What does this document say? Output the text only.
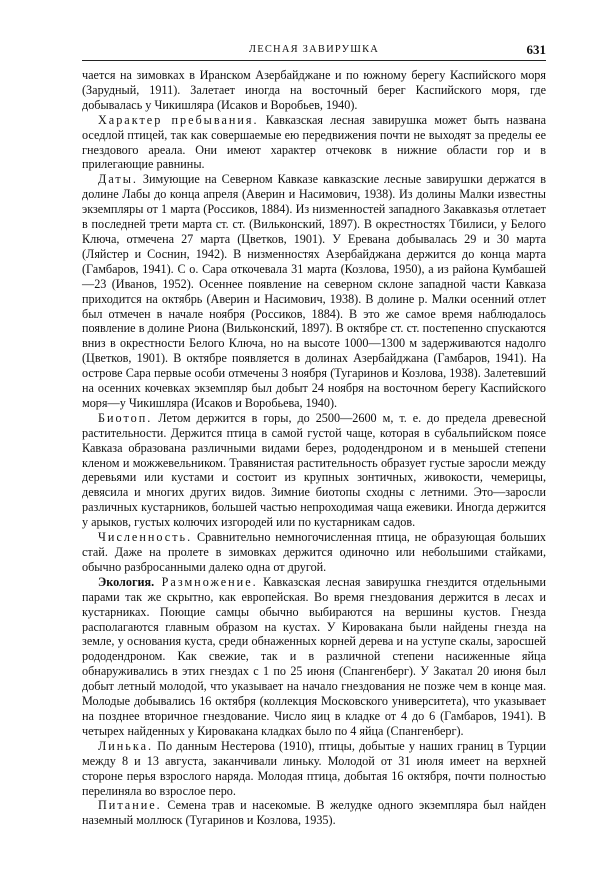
ЛЕСНАЯ ЗАВИРУШКА	631

чается на зимовках в Иранском Азербайджане и по южному берегу Каспийского моря (Зарудный, 1911). Залетает иногда на восточный берег Каспийского моря, где добывалась у Чикишляра (Исаков и Воробьев, 1940).

Характер пребывания. Кавказская лесная завирушка может быть названа оседлой птицей, так как совершаемые ею передвижения почти не выходят за пределы ее гнездового ареала. Они имеют характер отчековк в нижние области гор и в прилегающие равнины.

Даты. Зимующие на Северном Кавказе кавказские лесные завирушки держатся в долине Лабы до конца апреля (Аверин и Насимович, 1938). Из долины Малки известны экземпляры от 1 марта (Россиков, 1884). Из низменностей западного Закавказья отлетает в последней трети марта ст. ст. (Вильконский, 1897). В окрестностях Тбилиси, у Белого Ключа, отмечена 27 марта (Цветков, 1901). У Еревана добывалась 29 и 30 марта (Ляйстер и Соснин, 1942). В низменностях Азербайджана держится до конца марта (Гамбаров, 1941). С о. Сара откочевала 31 марта (Козлова, 1950), а из района Кумбашей—23 (Иванов, 1952). Осеннее появление на северном склоне западной части Кавказа приходится на октябрь (Аверин и Насимович, 1938). В долине р. Малки осенний отлет был отмечен в начале ноября (Россиков, 1884). В это же самое время наблюдалось появление в долине Риона (Вильконский, 1897). В октябре ст. ст. постепенно спускаются вниз в окрестности Белого Ключа, но на высоте 1000—1300 м задерживаются надолго (Цветков, 1901). В октябре появляется в долинах Азербайджана (Гамбаров, 1941). На острове Сара первые особи отмечены 3 ноября (Тугаринов и Козлова, 1938). Залетевший на осенних кочевках экземпляр был добыт 24 ноября на восточном берегу Каспийского моря—у Чикишляра (Исаков и Воробьева, 1940).

Биотоп. Летом держится в горы, до 2500—2600 м, т. е. до предела древесной растительности. Держится птица в самой густой чаще, которая в субальпийском поясе Кавказа образована различными видами берез, рододендроном и в меньшей степени кленом и можжевельником. Травянистая растительность образует густые заросли между деревьями или кустами и состоит из крупных зонтичных, живокости, чемерицы, девясила и многих других видов. Зимние биотопы сходны с летними. Это—заросли различных кустарников, большей частью непроходимая чаща ежевики. Иногда держится у арыков, густых колючих изгородей или по кустарникам садов.

Численность. Сравнительно немногочисленная птица, не образующая больших стай. Даже на пролете в зимовках держится одиночно или небольшими стайками, обычно разбросанными далеко одна от другой.

Экология. Размножение. Кавказская лесная завирушка гнездится отдельными парами так же скрытно, как европейская. Во время гнездования держится в лесах и кустарниках. Поющие самцы обычно выбираются на вершины кустов. Гнезда располагаются главным образом на кустах. У Кировакана были найдены гнезда на земле, у основания куста, среди обнаженных корней дерева и на уступе скалы, заросшей рододендроном. Как свежие, так и в различной степени насиженные яйца обнаруживались в этих гнездах с 1 по 25 июня (Спангенберг). У Закатал 20 июня был добыт летный молодой, что указывает на начало гнездования не позже чем в конце мая. Молодые добывались 16 октября (коллекция Московского университета), что указывает на позднее вторичное гнездование. Число яиц в кладке от 4 до 6 (Гамбаров, 1941). В четырех найденных у Кировакана кладках было по 4 яйца (Спангенберг).

Линька. По данным Нестерова (1910), птицы, добытые у наших границ в Турции между 8 и 13 августа, заканчивали линьку. Молодой от 31 июля имеет на верхней стороне перья взрослого наряда. Молодая птица, добытая 16 октября, почти полностью перелиняла во взрослое перо.

Питание. Семена трав и насекомые. В желудке одного экземпляра был найден наземный моллюск (Тугаринов и Козлова, 1935).
